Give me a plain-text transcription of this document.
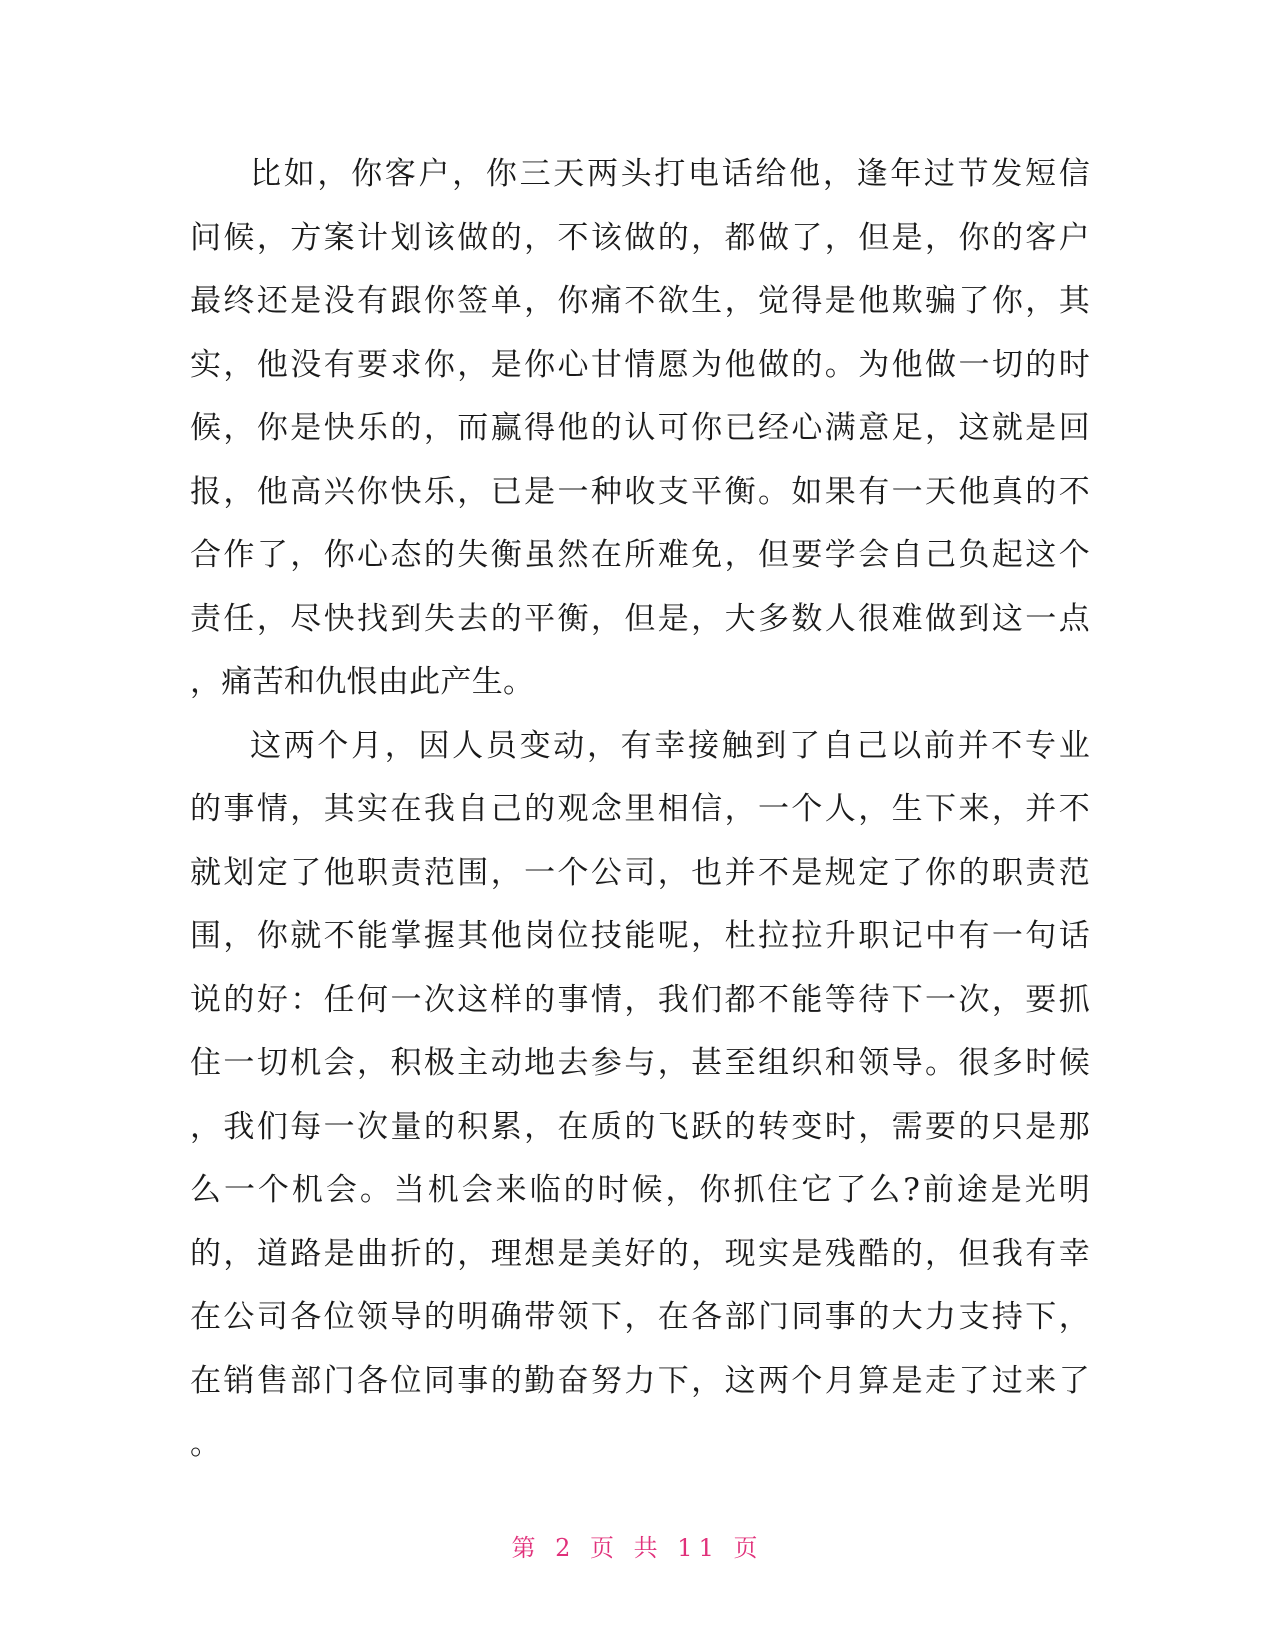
比如，你客户，你三天两头打电话给他，逢年过节发短信
问候，方案计划该做的，不该做的，都做了，但是，你的客户
最终还是没有跟你签单，你痛不欲生，觉得是他欺骗了你，其
实，他没有要求你，是你心甘情愿为他做的。为他做一切的时
候，你是快乐的，而赢得他的认可你已经心满意足，这就是回
报，他高兴你快乐，已是一种收支平衡。如果有一天他真的不
合作了，你心态的失衡虽然在所难免，但要学会自己负起这个
责任，尽快找到失去的平衡，但是，大多数人很难做到这一点
，痛苦和仇恨由此产生。
这两个月，因人员变动，有幸接触到了自己以前并不专业
的事情，其实在我自己的观念里相信，一个人，生下来，并不
就划定了他职责范围，一个公司，也并不是规定了你的职责范
围，你就不能掌握其他岗位技能呢，杜拉拉升职记中有一句话
说的好：任何一次这样的事情，我们都不能等待下一次，要抓
住一切机会，积极主动地去参与，甚至组织和领导。很多时候
，我们每一次量的积累，在质的飞跃的转变时，需要的只是那
么一个机会。当机会来临的时候，你抓住它了么?前途是光明
的，道路是曲折的，理想是美好的，现实是残酷的，但我有幸
在公司各位领导的明确带领下，在各部门同事的大力支持下，
在销售部门各位同事的勤奋努力下，这两个月算是走了过来了
。
第 2 页 共 11 页
